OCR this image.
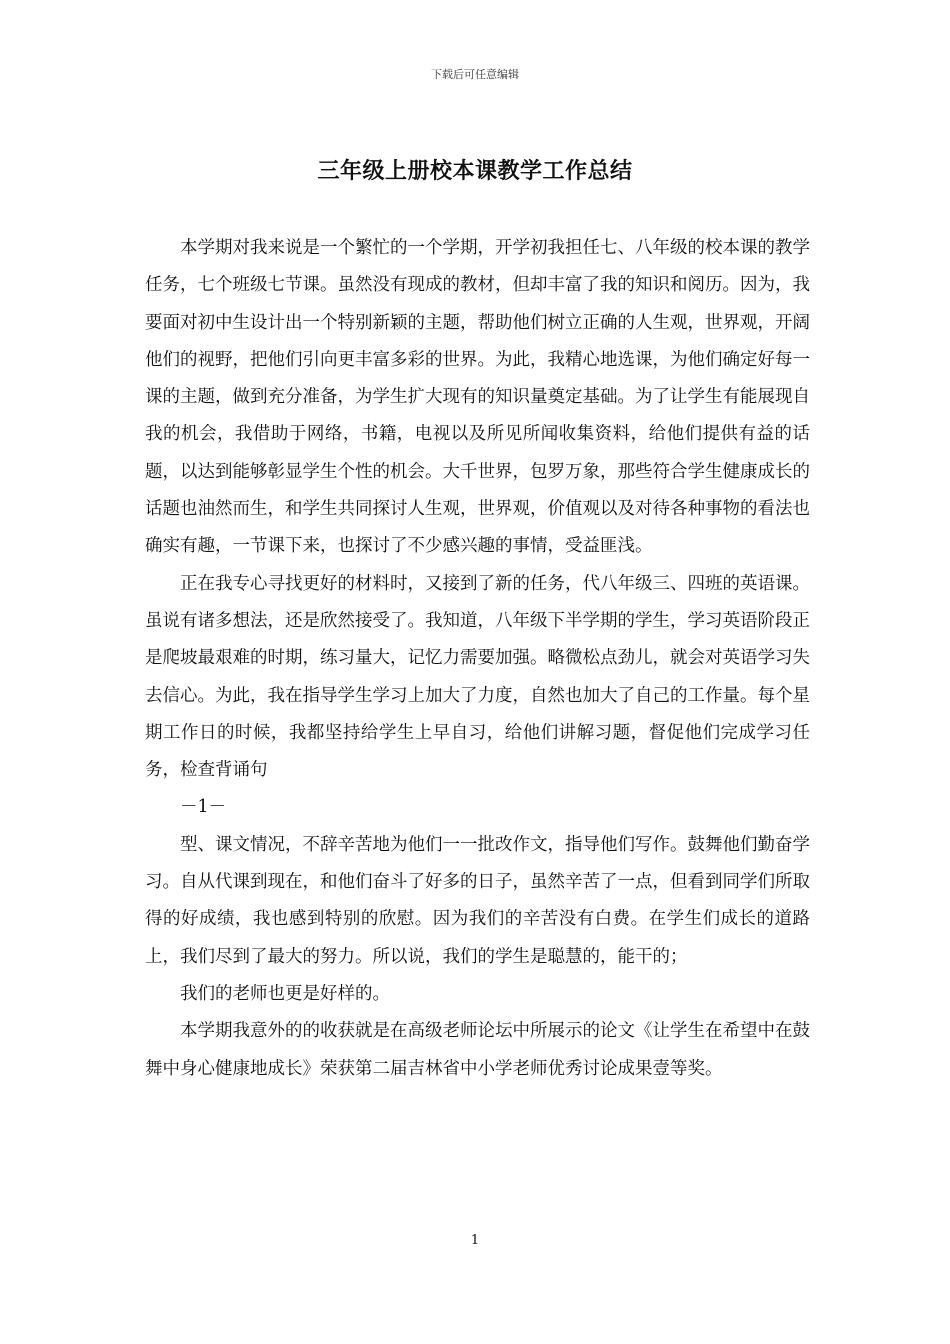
下载后可任意编辑
三年级上册校本课教学工作总结

本学期对我来说是一个繁忙的一个学期，开学初我担任七、八年级的校本课的教学任务，七个班级七节课。虽然没有现成的教材，但却丰富了我的知识和阅历。因为，我要面对初中生设计出一个特别新颖的主题，帮助他们树立正确的人生观，世界观，开阔他们的视野，把他们引向更丰富多彩的世界。为此，我精心地选课，为他们确定好每一课的主题，做到充分准备，为学生扩大现有的知识量奠定基础。为了让学生有能展现自我的机会，我借助于网络，书籍，电视以及所见所闻收集资料，给他们提供有益的话题，以达到能够彰显学生个性的机会。大千世界，包罗万象，那些符合学生健康成长的话题也油然而生，和学生共同探讨人生观，世界观，价值观以及对待各种事物的看法也确实有趣，一节课下来，也探讨了不少感兴趣的事情，受益匪浅。

正在我专心寻找更好的材料时，又接到了新的任务，代八年级三、四班的英语课。虽说有诸多想法，还是欣然接受了。我知道，八年级下半学期的学生，学习英语阶段正是爬坡最艰难的时期，练习量大，记忆力需要加强。略微松点劲儿，就会对英语学习失去信心。为此，我在指导学生学习上加大了力度，自然也加大了自己的工作量。每个星期工作日的时候，我都坚持给学生上早自习，给他们讲解习题，督促他们完成学习任务，检查背诵句

－1－

型、课文情况，不辞辛苦地为他们一一批改作文，指导他们写作。鼓舞他们勤奋学习。自从代课到现在，和他们奋斗了好多的日子，虽然辛苦了一点，但看到同学们所取得的好成绩，我也感到特别的欣慰。因为我们的辛苦没有白费。在学生们成长的道路上，我们尽到了最大的努力。所以说，我们的学生是聪慧的，能干的；

我们的老师也更是好样的。

本学期我意外的的收获就是在高级老师论坛中所展示的论文《让学生在希望中在鼓舞中身心健康地成长》荣获第二届吉林省中小学老师优秀讨论成果壹等奖。

1
